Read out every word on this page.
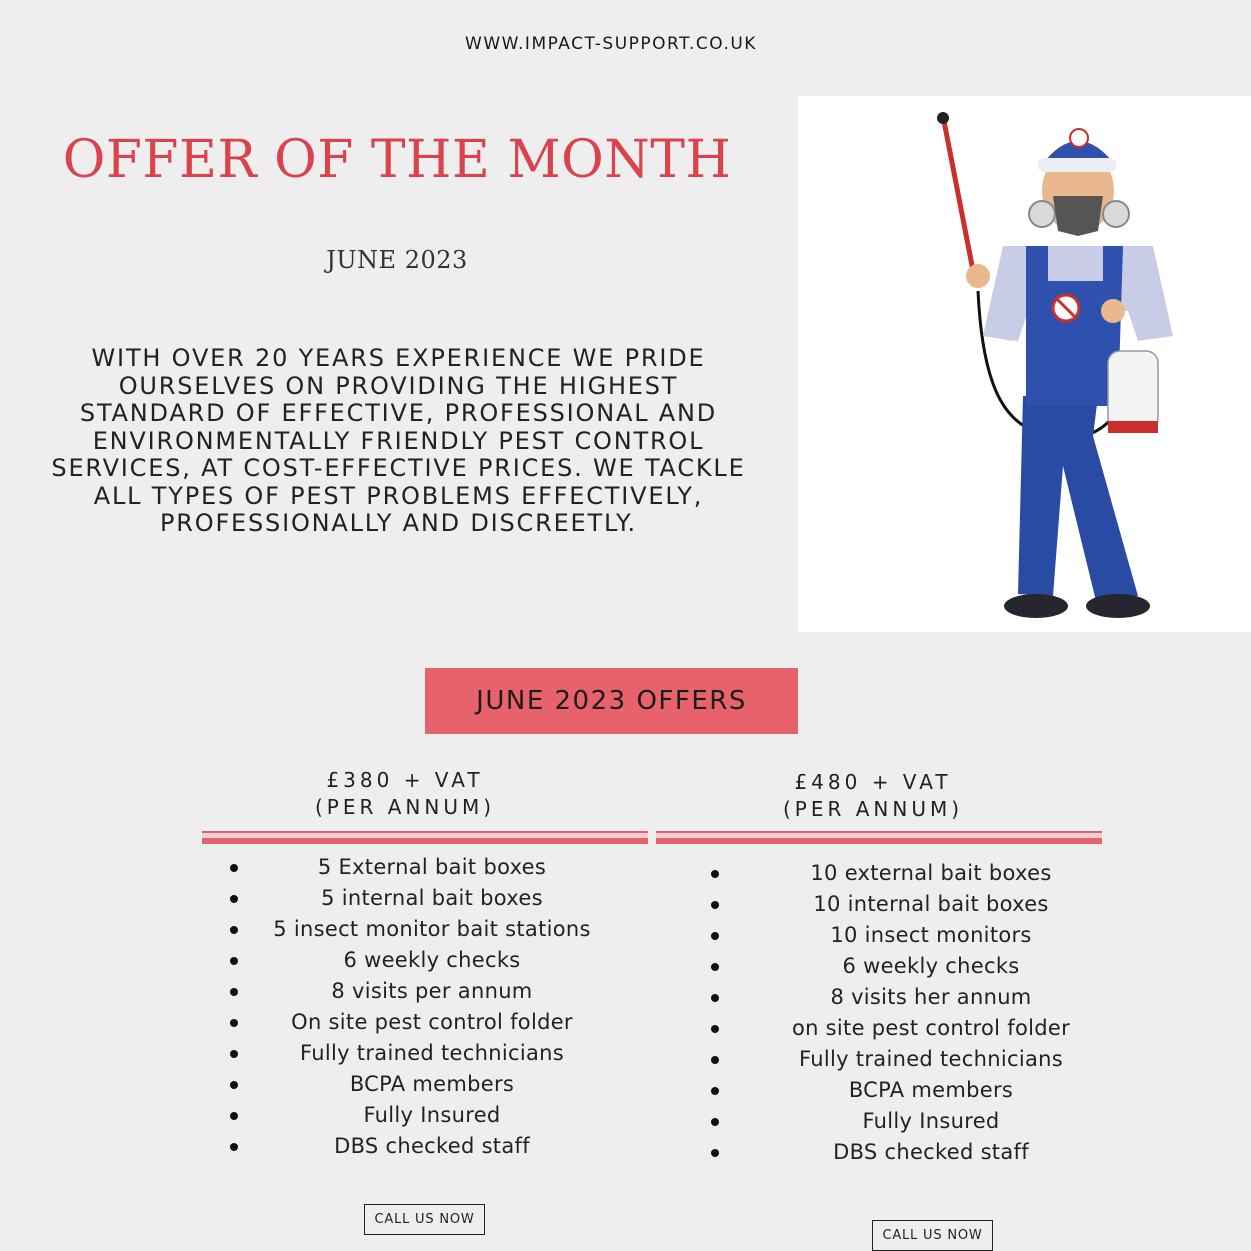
WWW.IMPACT-SUPPORT.CO.UK
OFFER OF THE MONTH
JUNE 2023

WITH OVER 20 YEARS EXPERIENCE WE PRIDE OURSELVES ON PROVIDING THE HIGHEST STANDARD OF EFFECTIVE, PROFESSIONAL AND ENVIRONMENTALLY FRIENDLY PEST CONTROL SERVICES, AT COST-EFFECTIVE PRICES. WE TACKLE ALL TYPES OF PEST PROBLEMS EFFECTIVELY, PROFESSIONALLY AND DISCREETLY.

JUNE 2023 OFFERS
£380 + VAT
(PER ANNUM)
5 External bait boxes
5 internal bait boxes
5 insect monitor bait stations
6 weekly checks
8 visits per annum
On site pest control folder
Fully trained technicians
BCPA members
Fully Insured
DBS checked staff
CALL US NOW
£480 + VAT
(PER ANNUM)
10 external bait boxes
10 internal bait boxes
10 insect monitors
6 weekly checks
8 visits her annum
on site pest control folder
Fully trained technicians
BCPA members
Fully Insured
DBS checked staff
CALL US NOW
